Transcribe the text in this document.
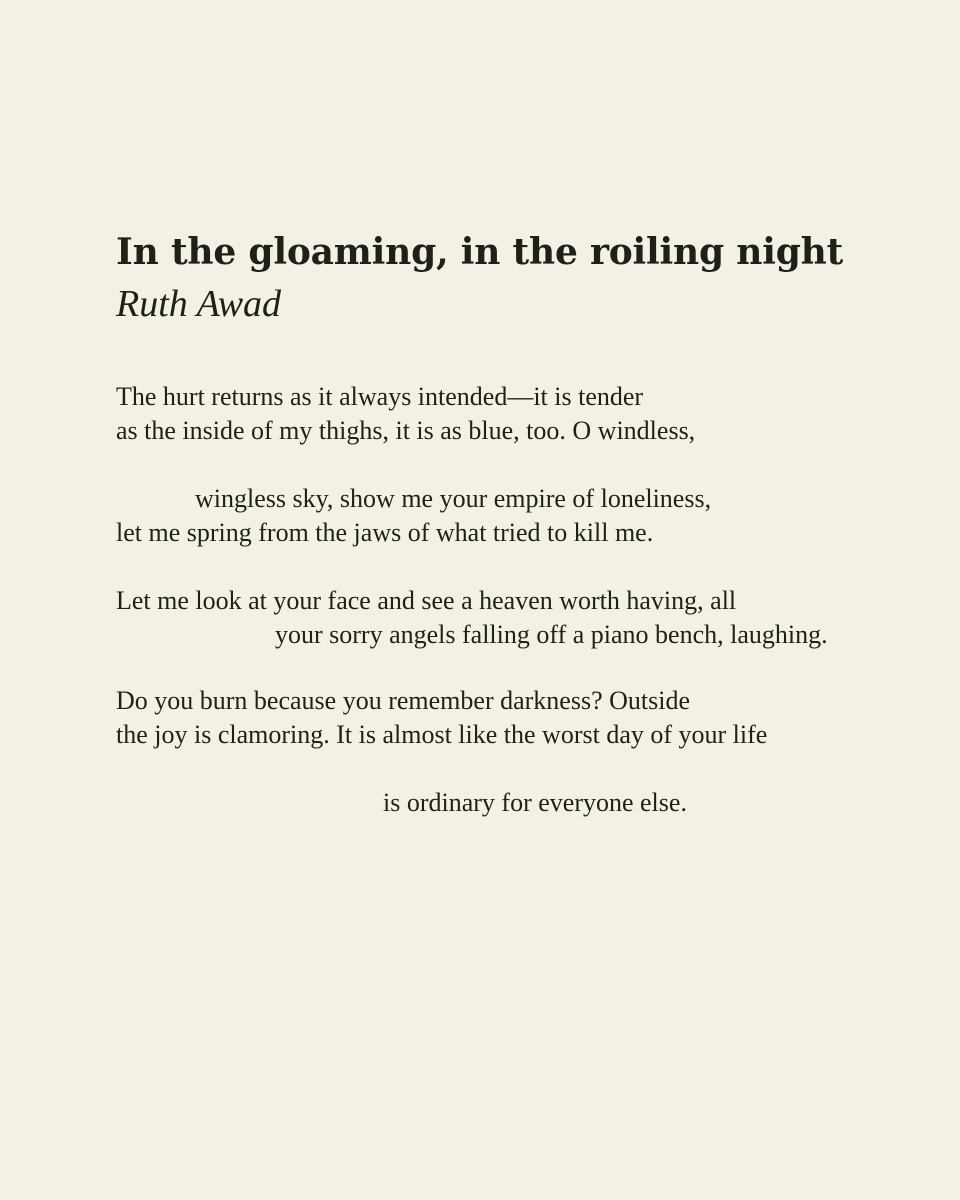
In the gloaming, in the roiling night
Ruth Awad

The hurt returns as it always intended—it is tender

as the inside of my thighs, it is as blue, too. O windless,

wingless sky, show me your empire of loneliness,

let me spring from the jaws of what tried to kill me.

Let me look at your face and see a heaven worth having, all

your sorry angels falling off a piano bench, laughing.

Do you burn because you remember darkness? Outside

the joy is clamoring. It is almost like the worst day of your life

is ordinary for everyone else.
